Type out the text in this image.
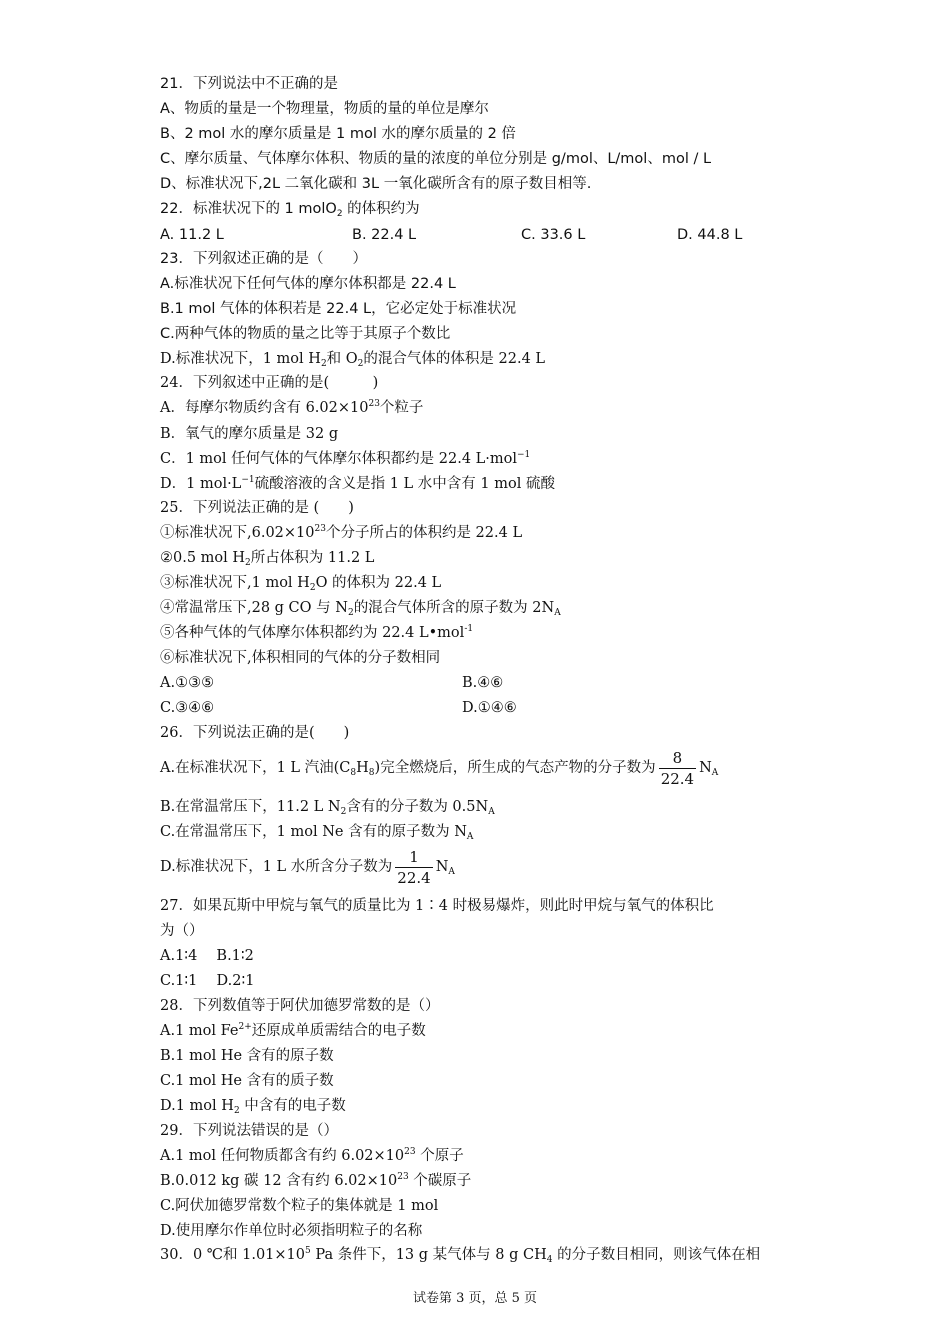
21．下列说法中不正确的是
A、物质的量是一个物理量，物质的量的单位是摩尔
B、2 mol 水的摩尔质量是 1 mol 水的摩尔质量的 2 倍
C、摩尔质量、气体摩尔体积、物质的量的浓度的单位分别是 g/mol、L/mol、mol / L
D、标准状况下,2L 二氧化碳和 3L 一氧化碳所含有的原子数目相等.
22．标准状况下的 1 molO$_2$ 的体积约为
A. 11.2 L	B. 22.4 L	C. 33.6 L	D. 44.8 L
23．下列叙述正确的是（　　）
A.标准状况下任何气体的摩尔体积都是 22.4 L
B.1 mol 气体的体积若是 22.4 L，它必定处于标准状况
C.两种气体的物质的量之比等于其原子个数比
D.标准状况下，1 mol $H_2$和 $O_2$的混合气体的体积是 22.4 L
24．下列叙述中正确的是(　　　)
A．每摩尔物质约含有 $6.02\times 10^{23}$个粒子
B．氧气的摩尔质量是 32 g
C．1 mol 任何气体的气体摩尔体积都约是 22.4 L·mol$^{-1}$
D．1 $mol\cdot L^{-1}$硫酸溶液的含义是指 1 L 水中含有 1 mol 硫酸
25．下列说法正确的是 (　　)
①标准状况下$,6.02\times 10^{23}$个分子所占的体积约是 22.4 L
②0.5 mol $H_2$所占体积为 11.2 L
③标准状况下,1 mol $H_2O$ 的体积为 22.4 L
④常温常压下,28 g CO 与 $N_2$的混合气体所含的原子数为 $2N_A$
⑤各种气体的气体摩尔体积都约为 22.4 L•mol$^{-1}$
⑥标准状况下,体积相同的气体的分子数相同
A.①③⑤	B.④⑥
C.③④⑥	D.①④⑥
26．下列说法正确的是(　　)
A.在标准状况下，1 L 汽油$(C_8H_8)$完全燃烧后，所生成的气态产物的分子数为 $\frac{8}{22.4} N_A$
B.在常温常压下，11.2 L $N_2$含有的分子数为 $0.5N_A$
C.在常温常压下，1 mol Ne 含有的原子数为 $N_A$
D.标准状况下，1 L 水所含分子数为 $\frac{1}{22.4} N_A$
27．如果瓦斯中甲烷与氧气的质量比为 1∶4 时极易爆炸，则此时甲烷与氧气的体积比
为（）
A.1∶4　 B.1∶2
C.1∶1　 D.2∶1
28．下列数值等于阿伏加德罗常数的是（）
A.1 mol $Fe^{2+}$还原成单质需结合的电子数
B.1 mol He 含有的原子数
C.1 mol He 含有的质子数
D.1 mol $H_2$ 中含有的电子数
29．下列说法错误的是（）
A.1 mol 任何物质都含有约 $6.02\times 10^{23}$ 个原子
B.0.012 kg 碳 12 含有约 $6.02\times 10^{23}$ 个碳原子
C.阿伏加德罗常数个粒子的集体就是 1 mol
D.使用摩尔作单位时必须指明粒子的名称
30．0 ℃和 $1.01\times 10^5$ Pa 条件下，13 g 某气体与 8 g $CH_4$ 的分子数目相同，则该气体在相
试卷第 3 页，总 5 页
